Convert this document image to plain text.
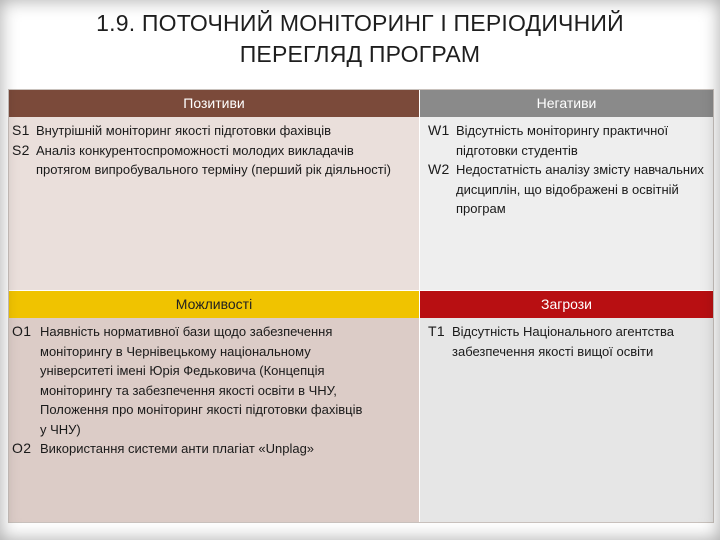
1.9. ПОТОЧНИЙ МОНІТОРИНГ І ПЕРІОДИЧНИЙ
ПЕРЕГЛЯД ПРОГРАМ
Позитиви
S1 Внутрішній моніторинг якості підготовки фахівців
S2 Аналіз конкурентоспроможності молодих викладачів протягом випробувального терміну (перший рік діяльності)
Негативи
W1 Відсутність моніторингу практичної підготовки студентів
W2 Недостатність аналізу змісту навчальних дисциплін, що відображені в освітній програм
Можливості
O1 Наявність нормативної бази щодо забезпечення моніторингу в Чернівецькому національному університеті імені Юрія Федьковича (Концепція моніторингу та забезпечення якості освіти в ЧНУ, Положення про моніторинг якості підготовки фахівців у ЧНУ)
O2 Використання системи анти плагіат «Unplag»
Загрози
T1 Відсутність Національного агентства забезпечення якості вищої освіти
